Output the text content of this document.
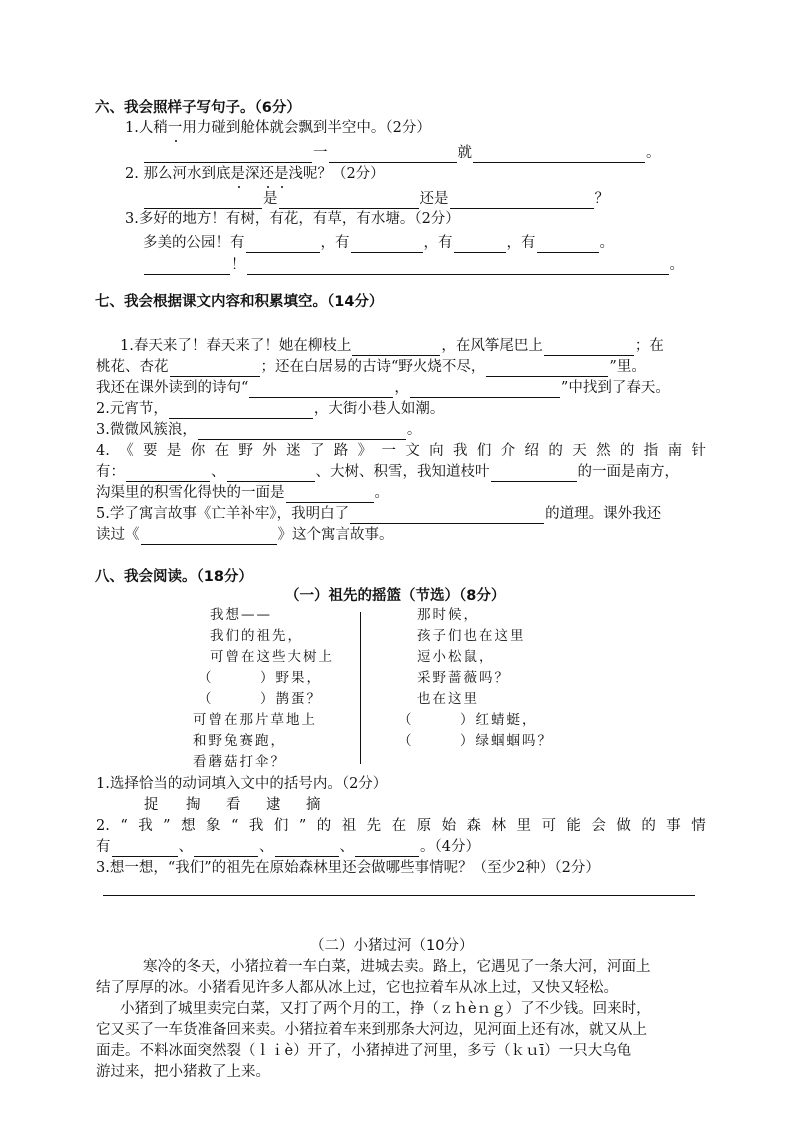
六、我会照样子写句子。（6分）
1.人稍 一 用力碰到舱体 就 会飘到半空中。（2分）
一	就	。
2. 那么河水到底 是 深 还 是 浅呢？（2分）
是	还是	？
3.多好的地方！有树，有花，有草，有水塘。（2分）
多美的公园！有	，有	，有	，有	。
！	。
七、我会根据课文内容和积累填空。（14分）
1.春天来了！春天来了！她在柳枝上	，在风筝尾巴上	；在
桃花、杏花	；还在白居易的古诗“野火烧不尽，	”里。
我还在课外读到的诗句“	，	”中找到了春天。
2.元宵节，	，大街小巷人如潮。
3.微微风簇浪，	。
4. 《 要 是 你 在 野 外 迷 了 路 》 一 文 向 我 们 介 绍 的 天 然 的 指 南 针
有：	、	、大树、积雪，我知道枝叶	的一面是南方，
沟渠里的积雪化得快的一面是	。
5.学了寓言故事《亡羊补牢》，我明白了	的道理。课外我还
读过《	》这个寓言故事。
八、我会阅读。（18分）
（一）祖先的摇篮（节选）（8分）
1.选择恰当的动词填入文中的括号内。（2分）
2. “ 我 ” 想 象 “ 我 们 ” 的 祖 先 在 原 始 森 林 里 可 能 会 做 的 事 情
有	、	、	、	。（4分）
3.想一想，“我们”的祖先在原始森林里还会做哪些事情呢？（至少2种）（2分）
（二）小猪过河（10分）
我想——
我们的祖先，
可曾在这些大树上
（　　　）野果，
（　　　）鹊蛋？
可曾在那片草地上
和野兔赛跑，
看蘑菇打伞？
那时候，
孩子们也在这里
逗小松鼠，
采野蔷薇吗？
也在这里
（　　　）红蜻蜓，
（　　　）绿蝈蝈吗？
捉 掏 看 逮 摘
寒冷的冬天，小猪拉着一车白菜，进城去卖。路上，它遇见了一条大河，河面上
结了厚厚的冰。小猪看见许多人都从冰上过，它也拉着车从冰上过，又快又轻松。
小猪到了城里卖完白菜，又打了两个月的工，挣（ｚｈèｎｇ）了不少钱。回来时，
它又买了一车货准备回来卖。小猪拉着车来到那条大河边，见河面上还有冰，就又从上
面走。不料冰面突然裂（ｌｉè）开了，小猪掉进了河里，多亏（ｋｕī）一只大乌龟
游过来，把小猪救了上来。
